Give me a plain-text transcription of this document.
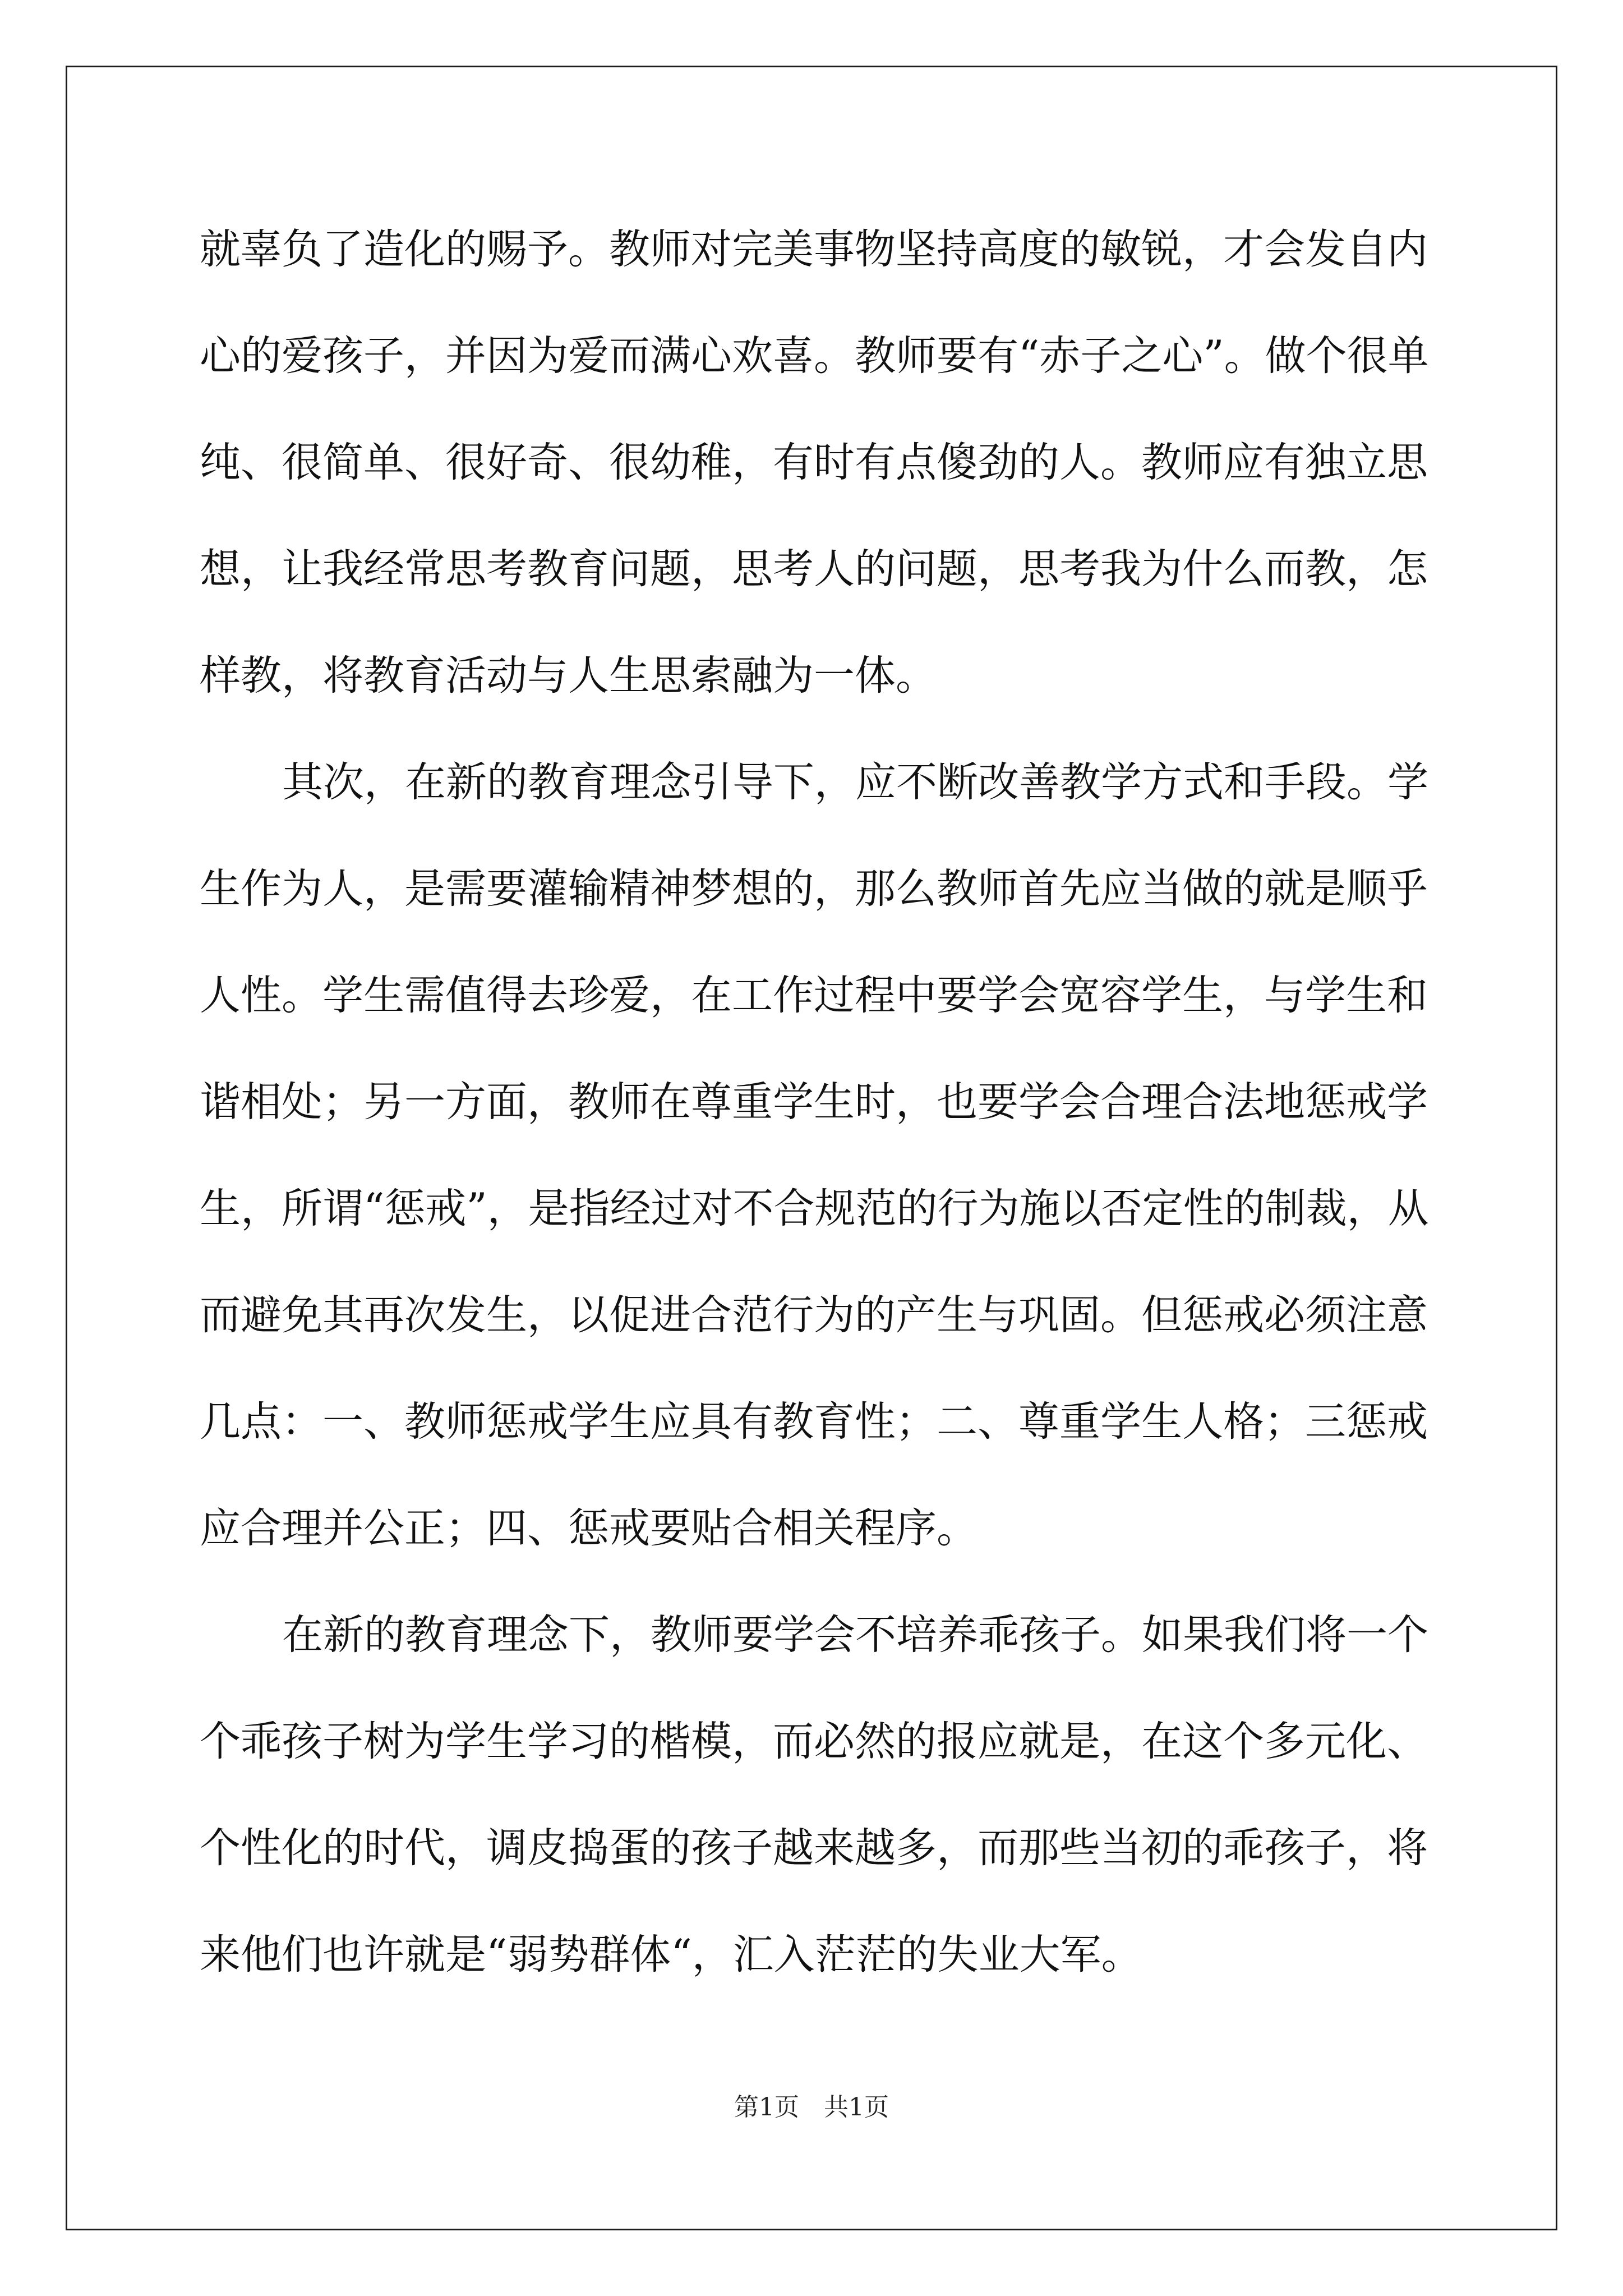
就辜负了造化的赐予。教师对完美事物坚持高度的敏锐，才会发自内
心的爱孩子，并因为爱而满心欢喜。教师要有“赤子之心”。做个很单
纯、很简单、很好奇、很幼稚，有时有点傻劲的人。教师应有独立思
想，让我经常思考教育问题，思考人的问题，思考我为什么而教，怎
样教，将教育活动与人生思索融为一体。
其次，在新的教育理念引导下，应不断改善教学方式和手段。学
生作为人，是需要灌输精神梦想的，那么教师首先应当做的就是顺乎
人性。学生需值得去珍爱，在工作过程中要学会宽容学生，与学生和
谐相处；另一方面，教师在尊重学生时，也要学会合理合法地惩戒学
生，所谓“惩戒”，是指经过对不合规范的行为施以否定性的制裁，从
而避免其再次发生，以促进合范行为的产生与巩固。但惩戒必须注意
几点：一、教师惩戒学生应具有教育性；二、尊重学生人格；三惩戒
应合理并公正；四、惩戒要贴合相关程序。
在新的教育理念下，教师要学会不培养乖孩子。如果我们将一个
个乖孩子树为学生学习的楷模，而必然的报应就是，在这个多元化、
个性化的时代，调皮捣蛋的孩子越来越多，而那些当初的乖孩子，将
来他们也许就是“弱势群体“，汇入茫茫的失业大军。
第1页　共1页
